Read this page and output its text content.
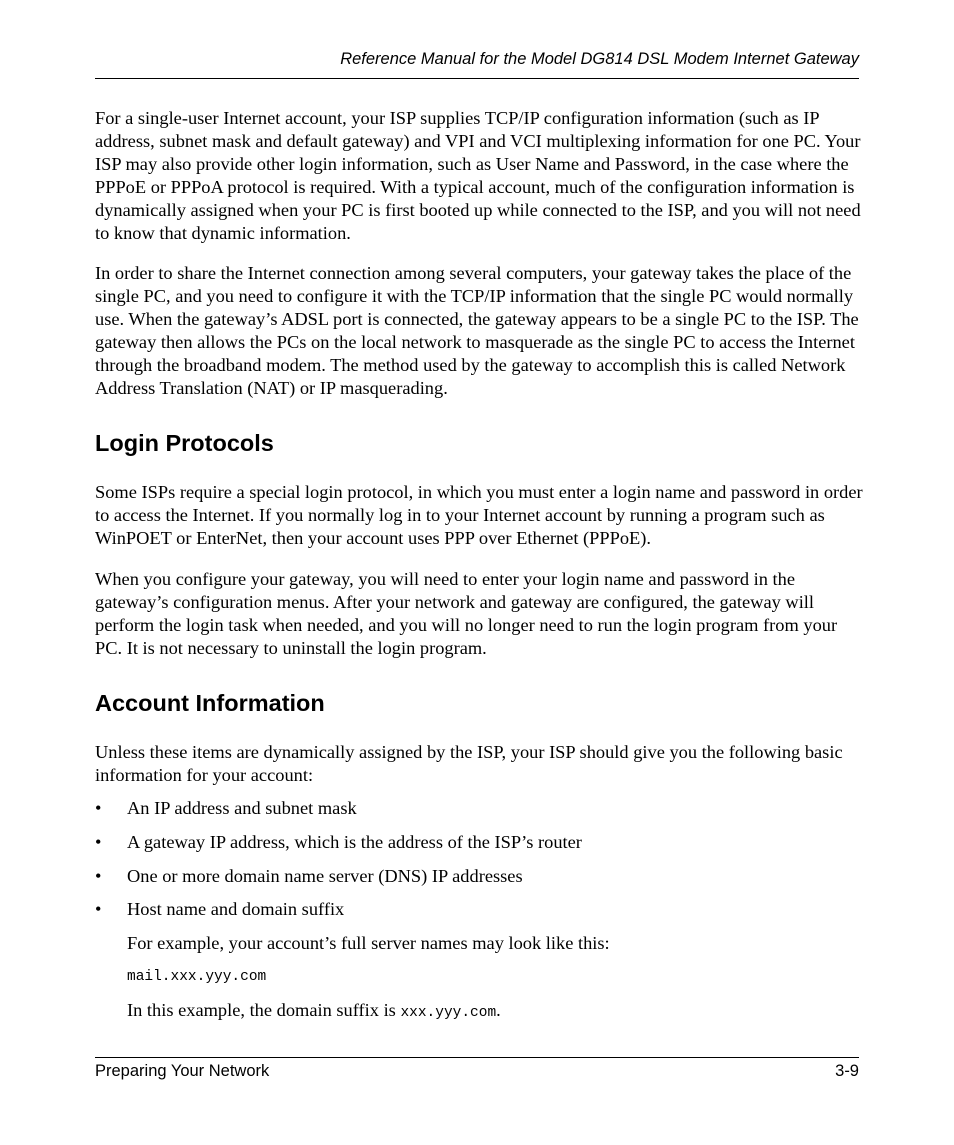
Reference Manual for the Model DG814 DSL Modem Internet Gateway

For a single-user Internet account, your ISP supplies TCP/IP configuration information (such as IP address, subnet mask and default gateway) and VPI and VCI multiplexing information for one PC. Your ISP may also provide other login information, such as User Name and Password, in the case where the PPPoE or PPPoA protocol is required. With a typical account, much of the configuration information is dynamically assigned when your PC is first booted up while connected to the ISP, and you will not need to know that dynamic information.

In order to share the Internet connection among several computers, your gateway takes the place of the single PC, and you need to configure it with the TCP/IP information that the single PC would normally use. When the gateway’s ADSL port is connected, the gateway appears to be a single PC to the ISP. The gateway then allows the PCs on the local network to masquerade as the single PC to access the Internet through the broadband modem. The method used by the gateway to accomplish this is called Network Address Translation (NAT) or IP masquerading.

Login Protocols

Some ISPs require a special login protocol, in which you must enter a login name and password in order to access the Internet. If you normally log in to your Internet account by running a program such as WinPOET or EnterNet, then your account uses PPP over Ethernet (PPPoE).

When you configure your gateway, you will need to enter your login name and password in the gateway’s configuration menus. After your network and gateway are configured, the gateway will perform the login task when needed, and you will no longer need to run the login program from your PC. It is not necessary to uninstall the login program.

Account Information

Unless these items are dynamically assigned by the ISP, your ISP should give you the following basic information for your account:

• An IP address and subnet mask
• A gateway IP address, which is the address of the ISP’s router
• One or more domain name server (DNS) IP addresses
• Host name and domain suffix

For example, your account’s full server names may look like this:

mail.xxx.yyy.com

In this example, the domain suffix is xxx.yyy.com.

Preparing Your Network	3-9
